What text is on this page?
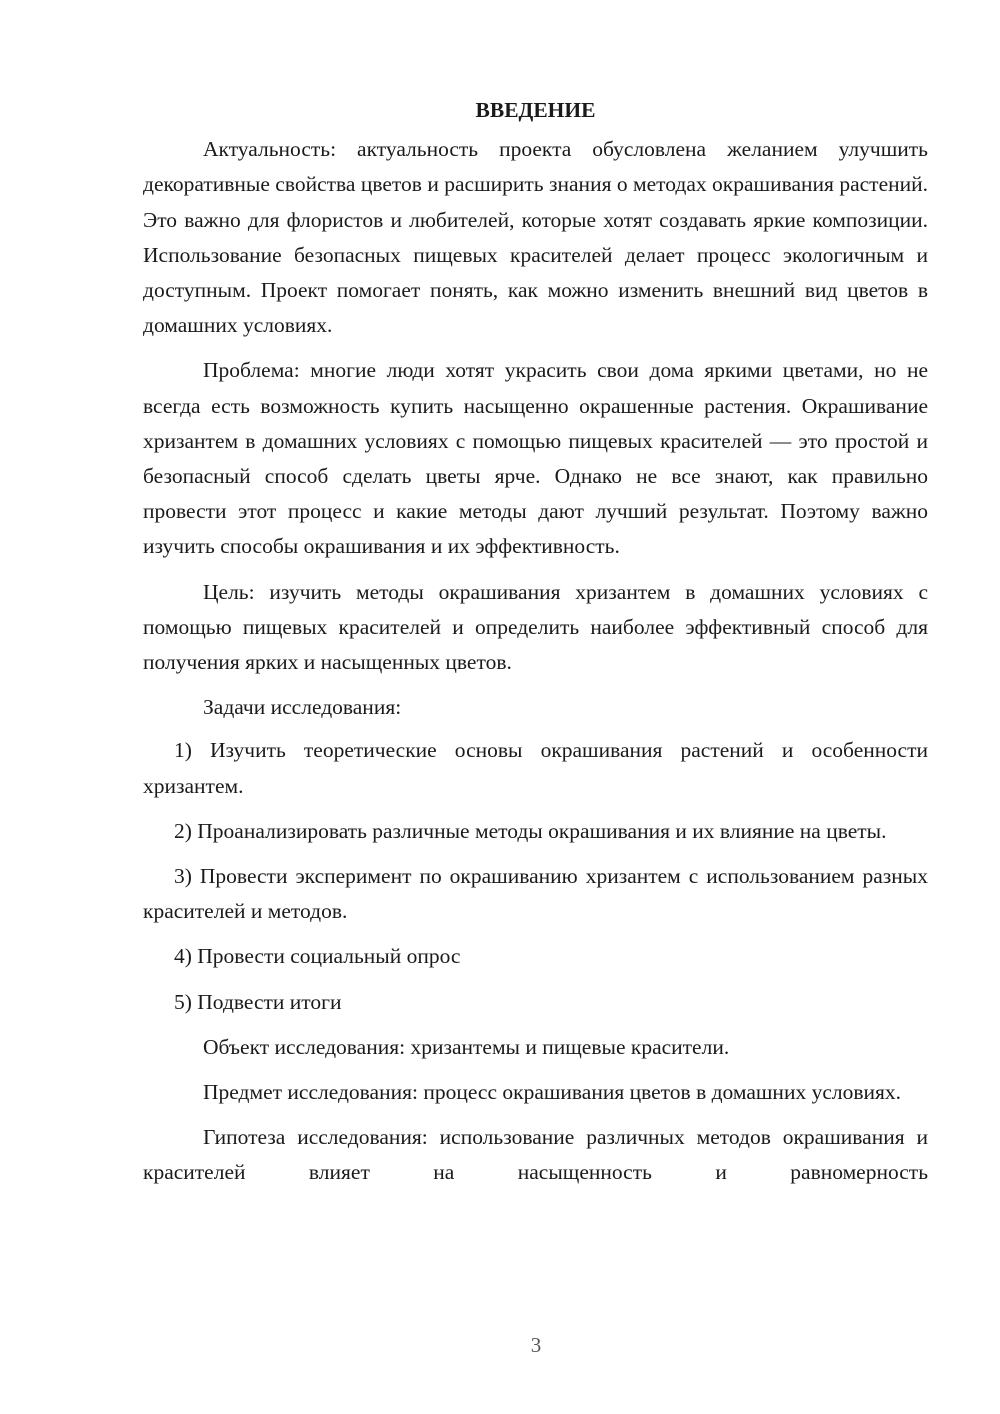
ВВЕДЕНИЕ

Актуальность: актуальность проекта обусловлена желанием улучшить декоративные свойства цветов и расширить знания о методах окрашивания растений. Это важно для флористов и любителей, которые хотят создавать яркие композиции. Использование безопасных пищевых красителей делает процесс экологичным и доступным. Проект помогает понять, как можно изменить внешний вид цветов в домашних условиях.

Проблема: многие люди хотят украсить свои дома яркими цветами, но не всегда есть возможность купить насыщенно окрашенные растения. Окрашивание хризантем в домашних условиях с помощью пищевых красителей — это простой и безопасный способ сделать цветы ярче. Однако не все знают, как правильно провести этот процесс и какие методы дают лучший результат. Поэтому важно изучить способы окрашивания и их эффективность.

Цель: изучить методы окрашивания хризантем в домашних условиях с помощью пищевых красителей и определить наиболее эффективный способ для получения ярких и насыщенных цветов.

Задачи исследования:

1) Изучить теоретические основы окрашивания растений и особенности хризантем.

2) Проанализировать различные методы окрашивания и их влияние на цветы.

3) Провести эксперимент по окрашиванию хризантем с использованием разных красителей и методов.

4) Провести социальный опрос

5) Подвести итоги

Объект исследования: хризантемы и пищевые красители.

Предмет исследования: процесс окрашивания цветов в домашних условиях.

Гипотеза исследования: использование различных методов окрашивания и красителей влияет на насыщенность и равномерность

3
